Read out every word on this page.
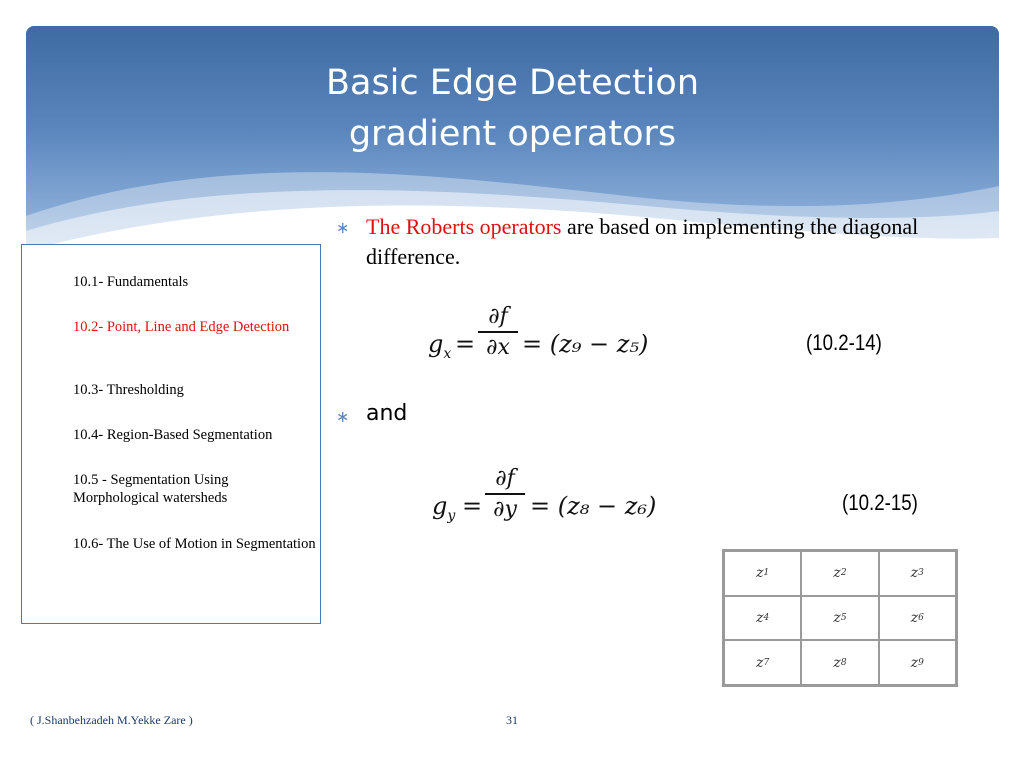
Basic Edge Detection
gradient operators
10.1- Fundamentals
10.2- Point, Line and Edge Detection
10.3- Thresholding
10.4- Region-Based Segmentation
10.5 - Segmentation Using Morphological watersheds
10.6- The Use of Motion in Segmentation
∗ The Roberts operators are based on implementing the diagonal difference.
$g_x$ =
∂f
∂x = (z₉ − z₅)	(10.2-14)
∗ and
$g_y$ =
∂f
∂y = (z₈ − z₆)	(10.2-15)
z 1	z 2	z 3
z 4	z 5	z 6
z 7	z 8	z 9
( J.Shanbehzadeh M.Yekke Zare )	31
